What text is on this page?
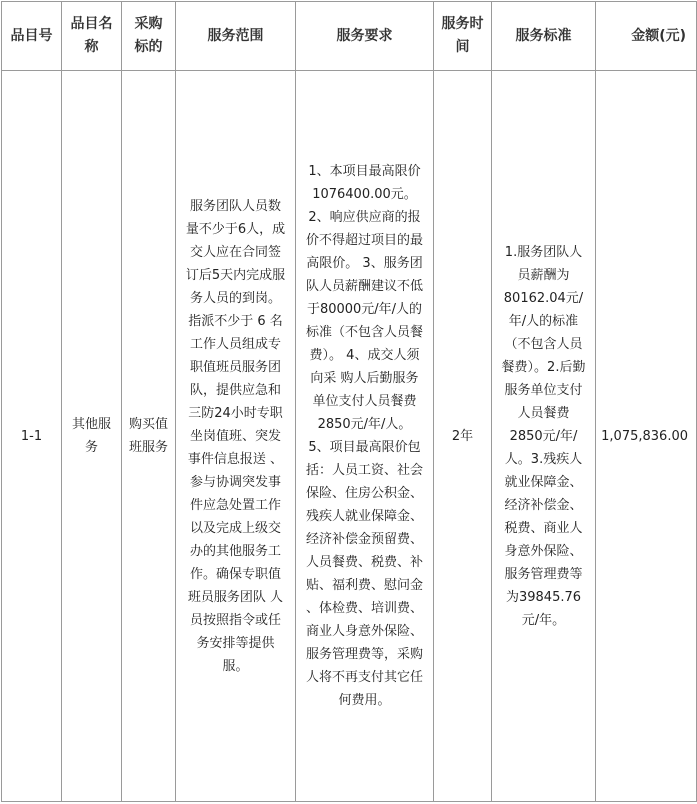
品目号	品目名称	采购标的	服务范围	服务要求	服务时间	服务标准	金额(元)
1-1	其他服务	购买值班服务	服务团队人员数量不少于6人，成交人应在合同签订后5天内完成服务人员的到岗。指派不少于 6 名工作人员组成专职值班员服务团队，提供应急和三防24小时专职坐岗值班、突发事件信息报送 、参与协调突发事件应急处置工作以及完成上级交办的其他服务工作。确保专职值班员服务团队 人员按照指令或任务安排等提供服。	1、本项目最高限价1076400.00元。 2、响应供应商的报价不得超过项目的最高限价。 3、服务团队人员薪酬建议不低于80000元/年/人的标准（不包含人员餐费）。 4、成交人须向采 购人后勤服务单位支付人员餐费2850元/年/人。 5、项目最高限价包括：人员工资、社会保险、住房公积金、残疾人就业保障金、经济补偿金预留费、人员餐费、税费、补贴、福利费、慰问金 、体检费、培训费、商业人身意外保险、服务管理费等，采购人将不再支付其它任何费用。	2年	1.服务团队人员薪酬为80162.04元/年/人的标准（不包含人员餐费）。2.后勤服务单位支付人员餐费2850元/年/人。3.残疾人就业保障金、经济补偿金、税费、商业人身意外保险、服务管理费等为39845.76元/年。	1,075,836.00
